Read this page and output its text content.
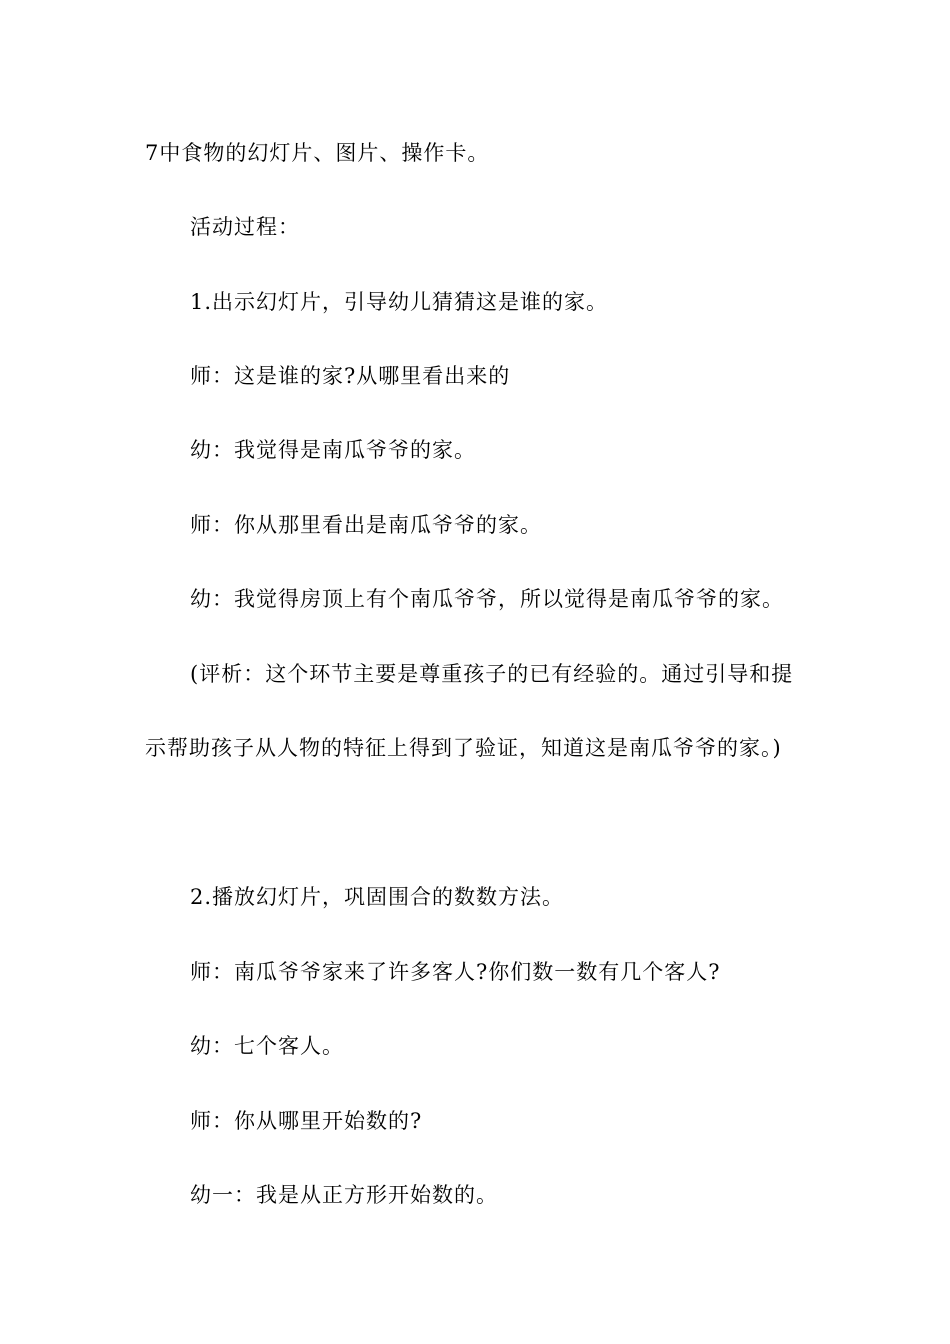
7中食物的幻灯片、图片、操作卡。
活动过程：
1.出示幻灯片，引导幼儿猜猜这是谁的家。
师：这是谁的家?从哪里看出来的
幼：我觉得是南瓜爷爷的家。
师：你从那里看出是南瓜爷爷的家。
幼：我觉得房顶上有个南瓜爷爷，所以觉得是南瓜爷爷的家。
(评析：这个环节主要是尊重孩子的已有经验的。通过引导和提
示帮助孩子从人物的特征上得到了验证，知道这是南瓜爷爷的家。)
2.播放幻灯片，巩固围合的数数方法。
师：南瓜爷爷家来了许多客人?你们数一数有几个客人?
幼：七个客人。
师：你从哪里开始数的?
幼一：我是从正方形开始数的。
